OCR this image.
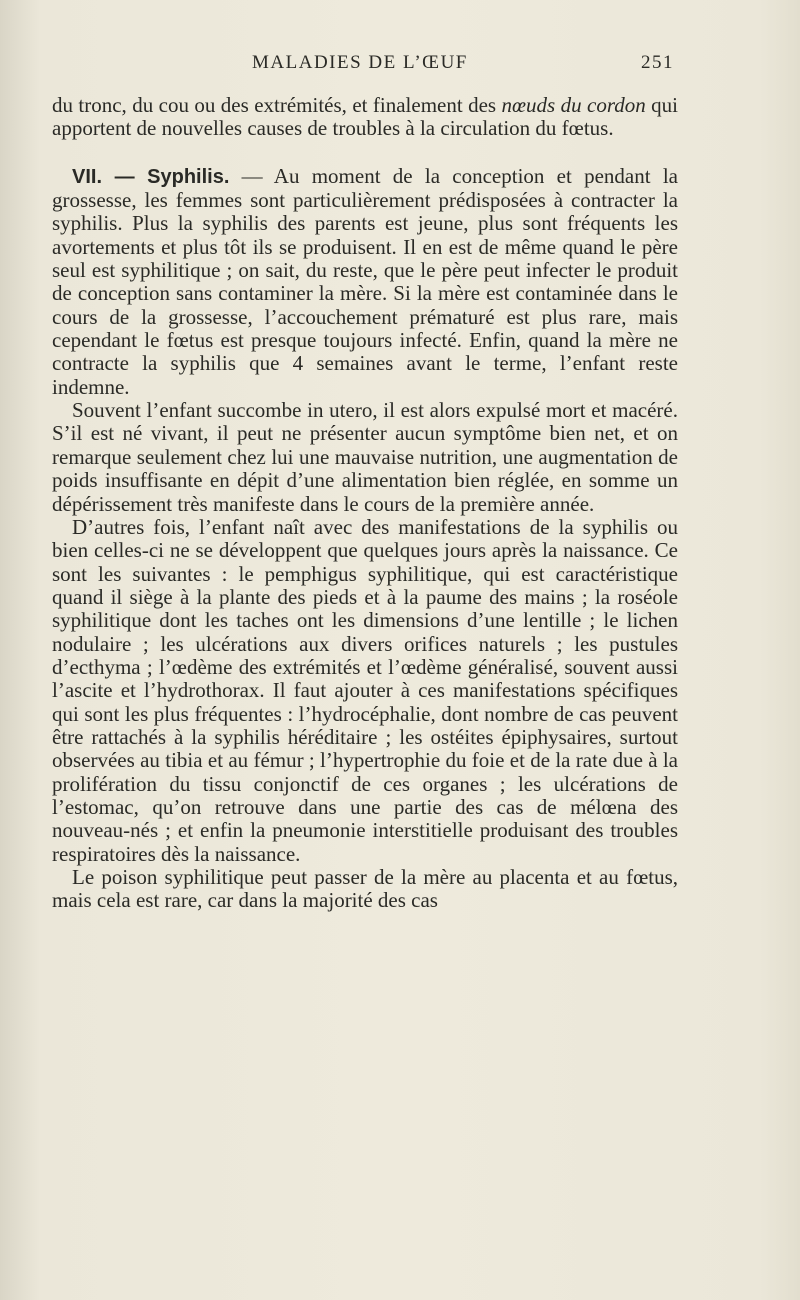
MALADIES DE L’ŒUF	251

du tronc, du cou ou des extrémités, et finalement des nœuds du cordon qui apportent de nouvelles causes de troubles à la circulation du fœtus.

VII. — Syphilis. — Au moment de la conception et pendant la grossesse, les femmes sont particulièrement prédisposées à contracter la syphilis. Plus la syphilis des parents est jeune, plus sont fréquents les avortements et plus tôt ils se produisent. Il en est de même quand le père seul est syphilitique ; on sait, du reste, que le père peut infecter le produit de conception sans contaminer la mère. Si la mère est contaminée dans le cours de la grossesse, l’accouchement prématuré est plus rare, mais cependant le fœtus est presque toujours infecté. Enfin, quand la mère ne contracte la syphilis que 4 semaines avant le terme, l’enfant reste indemne.

Souvent l’enfant succombe in utero, il est alors expulsé mort et macéré. S’il est né vivant, il peut ne présenter aucun symptôme bien net, et on remarque seulement chez lui une mauvaise nutrition, une augmentation de poids insuffisante en dépit d’une alimentation bien réglée, en somme un dépérissement très manifeste dans le cours de la première année.

D’autres fois, l’enfant naît avec des manifestations de la syphilis ou bien celles-ci ne se développent que quelques jours après la naissance. Ce sont les suivantes : le pemphigus syphilitique, qui est caractéristique quand il siège à la plante des pieds et à la paume des mains ; la roséole syphilitique dont les taches ont les dimensions d’une lentille ; le lichen nodulaire ; les ulcérations aux divers orifices naturels ; les pustules d’ecthyma ; l’œdème des extrémités et l’œdème généralisé, souvent aussi l’ascite et l’hydrothorax. Il faut ajouter à ces manifestations spécifiques qui sont les plus fréquentes : l’hydrocéphalie, dont nombre de cas peuvent être rattachés à la syphilis héréditaire ; les ostéites épiphysaires, surtout observées au tibia et au fémur ; l’hypertrophie du foie et de la rate due à la prolifération du tissu conjonctif de ces organes ; les ulcérations de l’estomac, qu’on retrouve dans une partie des cas de mélœna des nouveau-nés ; et enfin la pneumonie interstitielle produisant des troubles respiratoires dès la naissance.

Le poison syphilitique peut passer de la mère au placenta et au fœtus, mais cela est rare, car dans la majorité des cas
